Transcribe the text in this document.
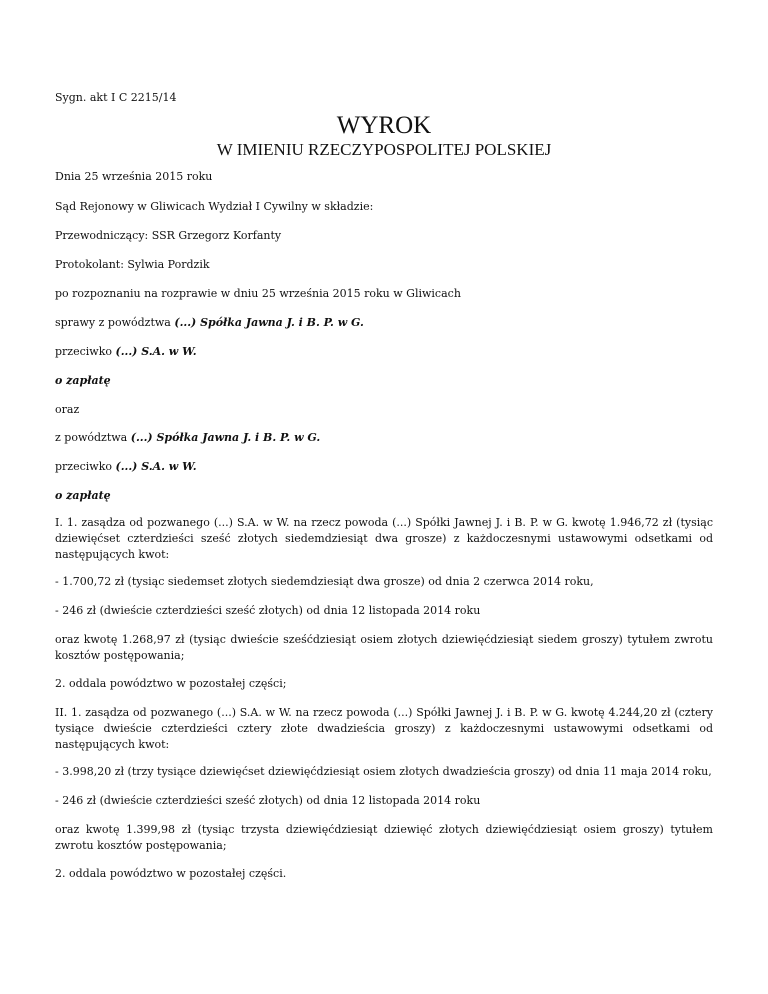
Sygn. akt I C 2215/14

WYROK
W IMIENIU RZECZYPOSPOLITEJ POLSKIEJ

Dnia 25 września 2015 roku

Sąd Rejonowy w Gliwicach Wydział I Cywilny w składzie:

Przewodniczący: SSR Grzegorz Korfanty

Protokolant: Sylwia Pordzik

po rozpoznaniu na rozprawie w dniu 25 września 2015 roku w Gliwicach

sprawy z powództwa (...) Spółka Jawna J. i B. P. w G.

przeciwko (...) S.A. w W.

o zapłatę

oraz

z powództwa (...) Spółka Jawna J. i B. P. w G.

przeciwko (...) S.A. w W.

o zapłatę

I. 1. zasądza od pozwanego (...) S.A. w W. na rzecz powoda (...) Spółki Jawnej J. i B. P. w G. kwotę 1.946,72 zł (tysiąc dziewięćset czterdzieści sześć złotych siedemdziesiąt dwa grosze) z każdoczesnymi ustawowymi odsetkami od następujących kwot:

- 1.700,72 zł (tysiąc siedemset złotych siedemdziesiąt dwa grosze) od dnia 2 czerwca 2014 roku,

- 246 zł (dwieście czterdzieści sześć złotych) od dnia 12 listopada 2014 roku

oraz kwotę 1.268,97 zł (tysiąc dwieście sześćdziesiąt osiem złotych dziewięćdziesiąt siedem groszy) tytułem zwrotu kosztów postępowania;

2. oddala powództwo w pozostałej części;

II. 1. zasądza od pozwanego (...) S.A. w W. na rzecz powoda (...) Spółki Jawnej J. i B. P. w G. kwotę 4.244,20 zł (cztery tysiące dwieście czterdzieści cztery złote dwadzieścia groszy) z każdoczesnymi ustawowymi odsetkami od następujących kwot:

- 3.998,20 zł (trzy tysiące dziewięćset dziewięćdziesiąt osiem złotych dwadzieścia groszy) od dnia 11 maja 2014 roku,

- 246 zł (dwieście czterdzieści sześć złotych) od dnia 12 listopada 2014 roku

oraz kwotę 1.399,98 zł (tysiąc trzysta dziewięćdziesiąt dziewięć złotych dziewięćdziesiąt osiem groszy) tytułem zwrotu kosztów postępowania;

2. oddala powództwo w pozostałej części.
